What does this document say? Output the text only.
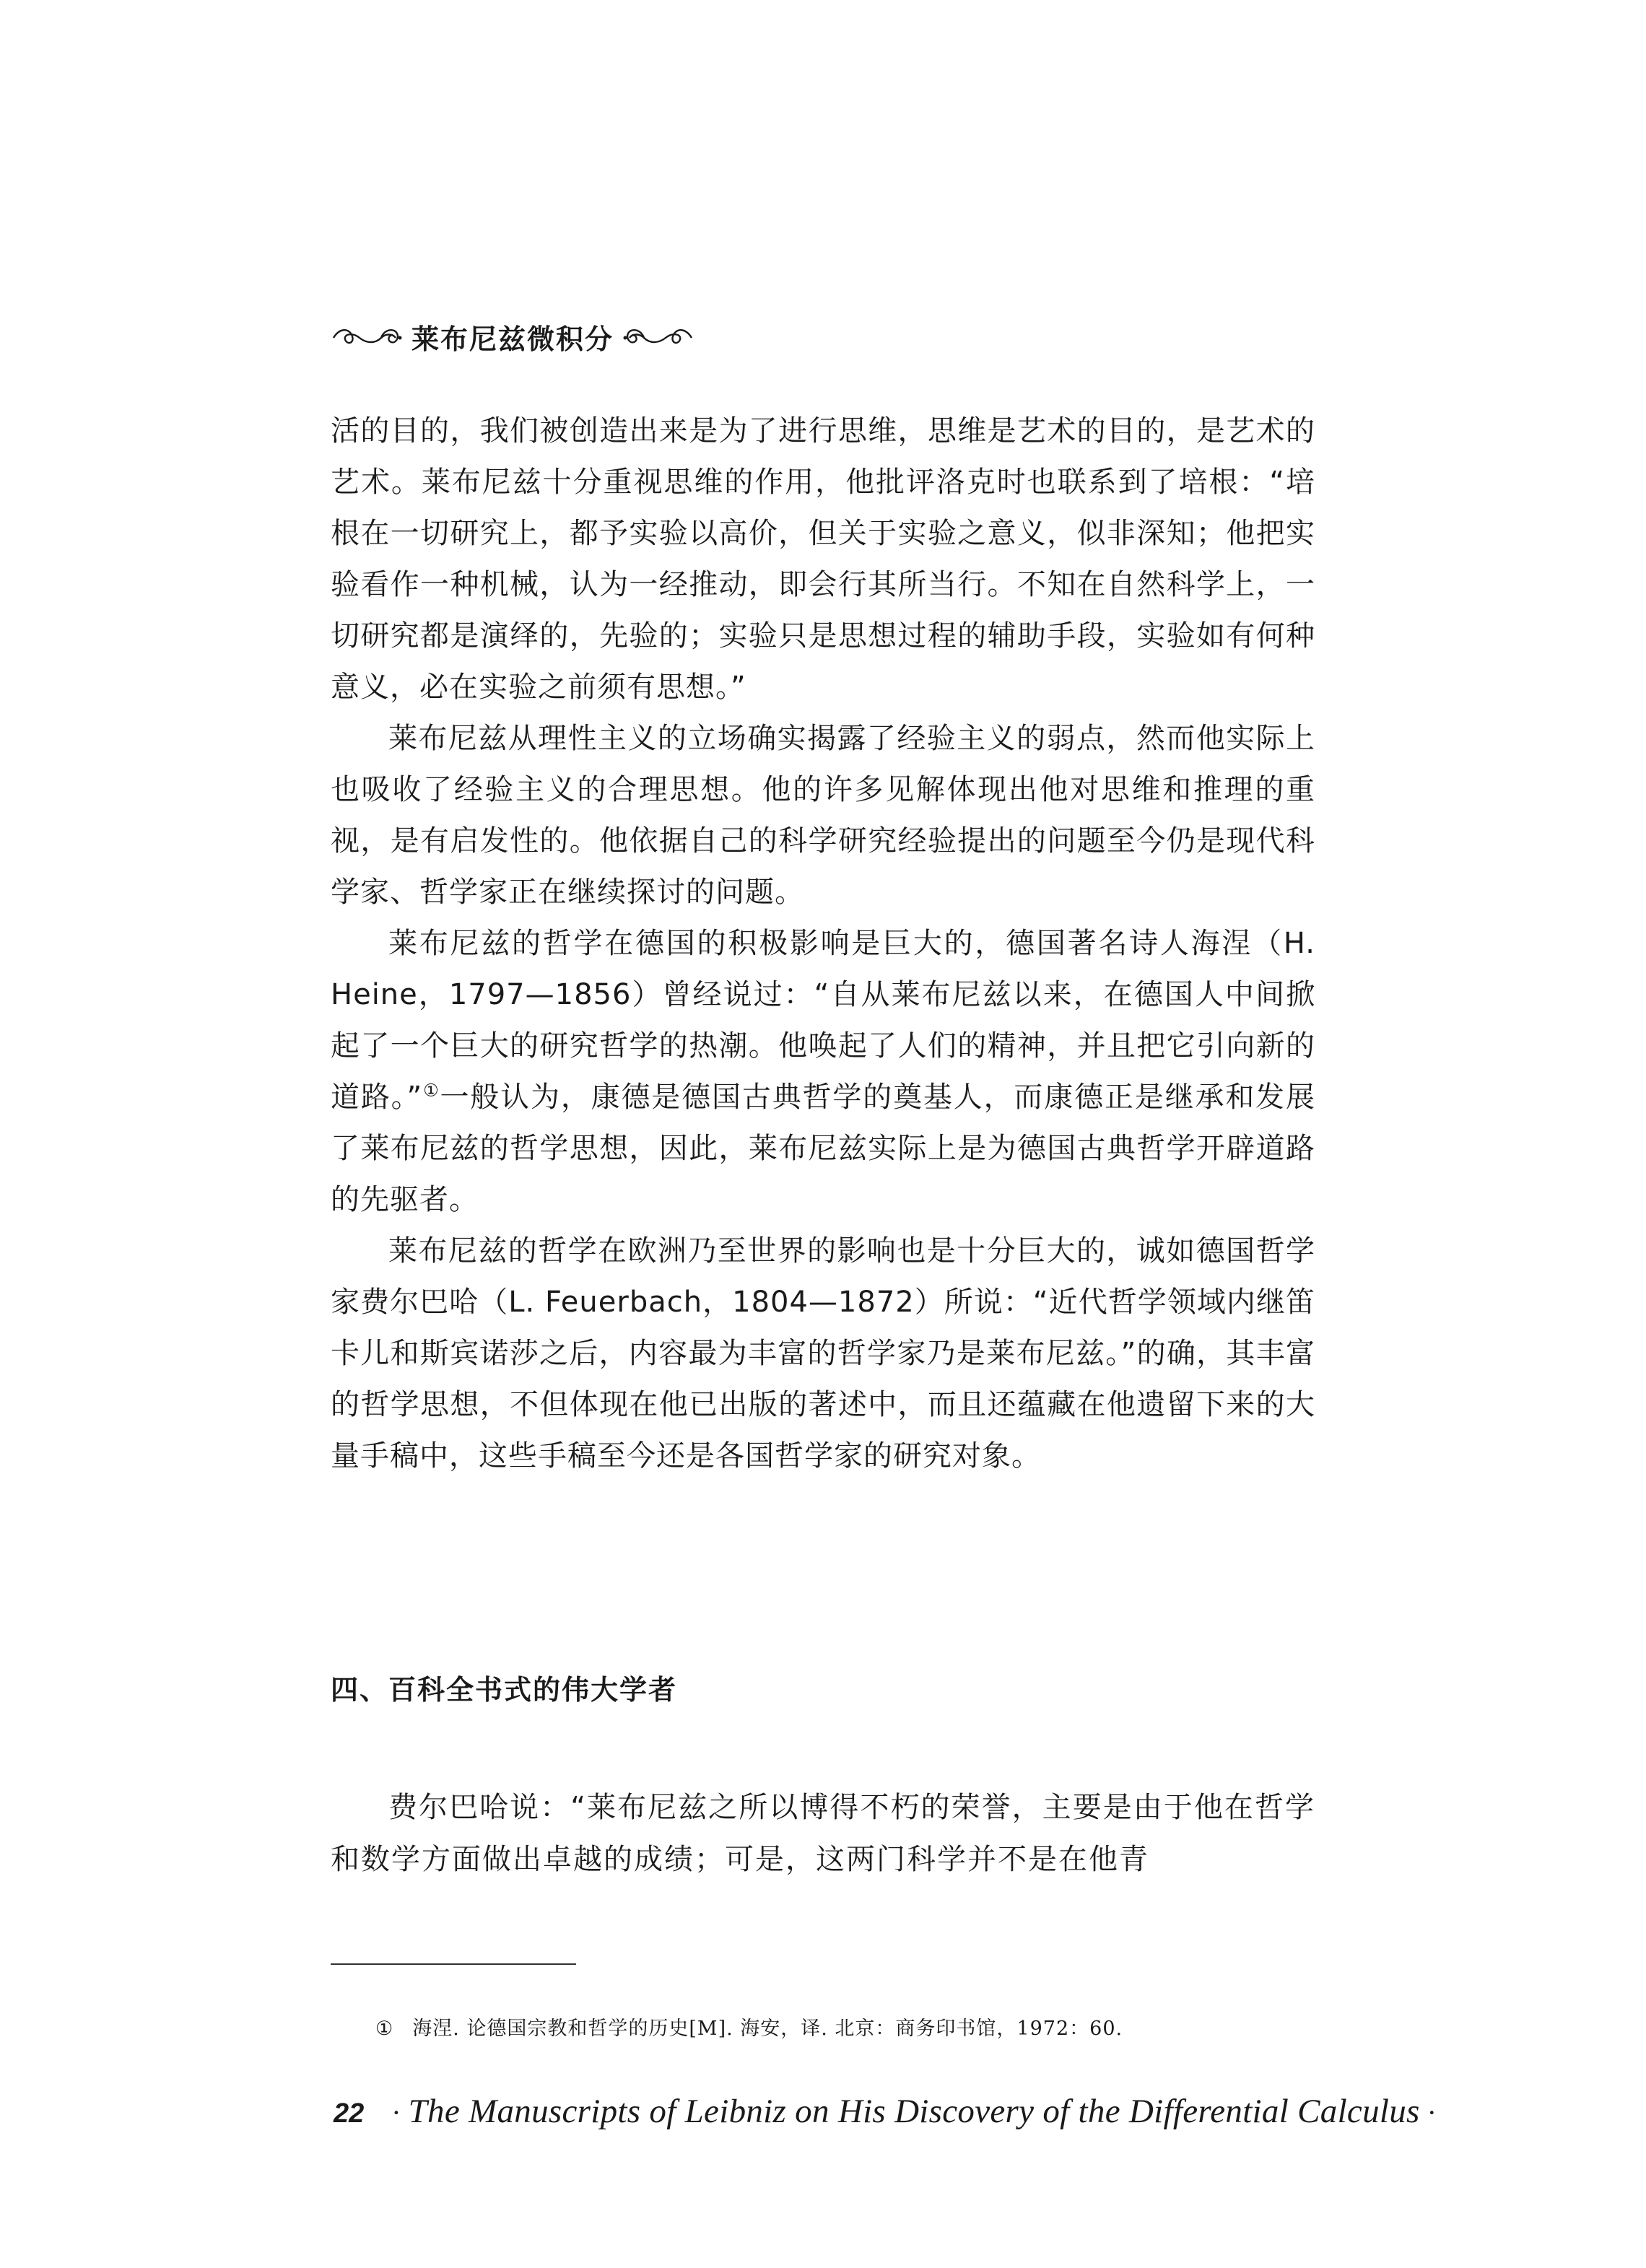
莱布尼兹微积分

活的目的，我们被创造出来是为了进行思维，思维是艺术的目的，是艺术的艺术。莱布尼兹十分重视思维的作用，他批评洛克时也联系到了培根：“培根在一切研究上，都予实验以高价，但关于实验之意义，似非深知；他把实验看作一种机械，认为一经推动，即会行其所当行。不知在自然科学上，一切研究都是演绎的，先验的；实验只是思想过程的辅助手段，实验如有何种意义，必在实验之前须有思想。”

莱布尼兹从理性主义的立场确实揭露了经验主义的弱点，然而他实际上也吸收了经验主义的合理思想。他的许多见解体现出他对思维和推理的重视，是有启发性的。他依据自己的科学研究经验提出的问题至今仍是现代科学家、哲学家正在继续探讨的问题。

莱布尼兹的哲学在德国的积极影响是巨大的，德国著名诗人海涅（H. Heine，1797—1856）曾经说过：“自从莱布尼兹以来，在德国人中间掀起了一个巨大的研究哲学的热潮。他唤起了人们的精神，并且把它引向新的道路。”①一般认为，康德是德国古典哲学的奠基人，而康德正是继承和发展了莱布尼兹的哲学思想，因此，莱布尼兹实际上是为德国古典哲学开辟道路的先驱者。

莱布尼兹的哲学在欧洲乃至世界的影响也是十分巨大的，诚如德国哲学家费尔巴哈（L. Feuerbach，1804—1872）所说：“近代哲学领域内继笛卡儿和斯宾诺莎之后，内容最为丰富的哲学家乃是莱布尼兹。”的确，其丰富的哲学思想，不但体现在他已出版的著述中，而且还蕴藏在他遗留下来的大量手稿中，这些手稿至今还是各国哲学家的研究对象。

四、百科全书式的伟大学者

费尔巴哈说：“莱布尼兹之所以博得不朽的荣誉，主要是由于他在哲学和数学方面做出卓越的成绩；可是，这两门科学并不是在他青

① 海涅. 论德国宗教和哲学的历史[M]. 海安，译. 北京：商务印书馆，1972：60.
22 · The Manuscripts of Leibniz on His Discovery of the Differential Calculus ·
